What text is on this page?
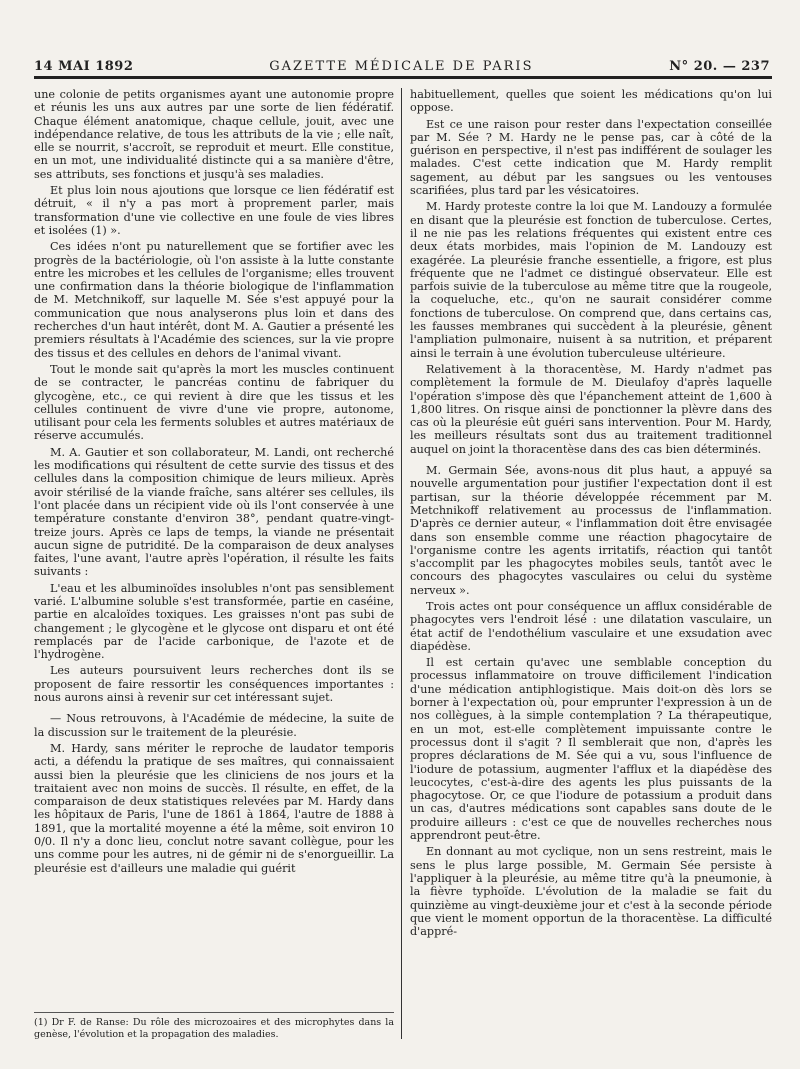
14 MAI 1892	GAZETTE MÉDICALE DE PARIS	N° 20. — 237

une colonie de petits organismes ayant une autonomie propre et réunis les uns aux autres par une sorte de lien fédératif. Chaque élément anatomique, chaque cellule, jouit, avec une indépendance relative, de tous les attributs de la vie ; elle naît, elle se nourrit, s'accroît, se reproduit et meurt. Elle constitue, en un mot, une individualité distincte qui a sa manière d'être, ses attributs, ses fonctions et jusqu'à ses maladies.

Et plus loin nous ajoutions que lorsque ce lien fédératif est détruit, « il n'y a pas mort à proprement parler, mais transformation d'une vie collective en une foule de vies libres et isolées (1) ».

Ces idées n'ont pu naturellement que se fortifier avec les progrès de la bactériologie, où l'on assiste à la lutte constante entre les microbes et les cellules de l'organisme; elles trouvent une confirmation dans la théorie biologique de l'inflammation de M. Metchnikoff, sur laquelle M. Sée s'est appuyé pour la communication que nous analyserons plus loin et dans des recherches d'un haut intérêt, dont M. A. Gautier a présenté les premiers résultats à l'Académie des sciences, sur la vie propre des tissus et des cellules en dehors de l'animal vivant.

Tout le monde sait qu'après la mort les muscles continuent de se contracter, le pancréas continu de fabriquer du glycogène, etc., ce qui revient à dire que les tissus et les cellules continuent de vivre d'une vie propre, autonome, utilisant pour cela les ferments solubles et autres matériaux de réserve accumulés.

M. A. Gautier et son collaborateur, M. Landi, ont recherché les modifications qui résultent de cette survie des tissus et des cellules dans la composition chimique de leurs milieux. Après avoir stérilisé de la viande fraîche, sans altérer ses cellules, ils l'ont placée dans un récipient vide où ils l'ont conservée à une température constante d'environ 38°, pendant quatre-vingt-treize jours. Après ce laps de temps, la viande ne présentait aucun signe de putridité. De la comparaison de deux analyses faites, l'une avant, l'autre après l'opération, il résulte les faits suivants :

L'eau et les albuminoïdes insolubles n'ont pas sensiblement varié. L'albumine soluble s'est transformée, partie en caséine, partie en alcaloïdes toxiques. Les graisses n'ont pas subi de changement ; le glycogène et le glycose ont disparu et ont été remplacés par de l'acide carbonique, de l'azote et de l'hydrogène.

Les auteurs poursuivent leurs recherches dont ils se proposent de faire ressortir les conséquences importantes : nous aurons ainsi à revenir sur cet intéressant sujet.

— Nous retrouvons, à l'Académie de médecine, la suite de la discussion sur le traitement de la pleurésie.

M. Hardy, sans mériter le reproche de laudator temporis acti, a défendu la pratique de ses maîtres, qui connaissaient aussi bien la pleurésie que les cliniciens de nos jours et la traitaient avec non moins de succès. Il résulte, en effet, de la comparaison de deux statistiques relevées par M. Hardy dans les hôpitaux de Paris, l'une de 1861 à 1864, l'autre de 1888 à 1891, que la mortalité moyenne a été la même, soit environ 10 0/0. Il n'y a donc lieu, conclut notre savant collègue, pour les uns comme pour les autres, ni de gémir ni de s'enorgueillir. La pleurésie est d'ailleurs une maladie qui guérit

(1) Dr F. de Ranse: Du rôle des microzoaires et des microphytes dans la genèse, l'évolution et la propagation des maladies.

habituellement, quelles que soient les médications qu'on lui oppose.

Est ce une raison pour rester dans l'expectation conseillée par M. Sée ? M. Hardy ne le pense pas, car à côté de la guérison en perspective, il n'est pas indifférent de soulager les malades. C'est cette indication que M. Hardy remplit sagement, au début par les sangsues ou les ventouses scarifiées, plus tard par les vésicatoires.

M. Hardy proteste contre la loi que M. Landouzy a formulée en disant que la pleurésie est fonction de tuberculose. Certes, il ne nie pas les relations fréquentes qui existent entre ces deux états morbides, mais l'opinion de M. Landouzy est exagérée. La pleurésie franche essentielle, a frigore, est plus fréquente que ne l'admet ce distingué observateur. Elle est parfois suivie de la tuberculose au même titre que la rougeole, la coqueluche, etc., qu'on ne saurait considérer comme fonctions de tuberculose. On comprend que, dans certains cas, les fausses membranes qui succèdent à la pleurésie, gênent l'ampliation pulmonaire, nuisent à sa nutrition, et préparent ainsi le terrain à une évolution tuberculeuse ultérieure.

Relativement à la thoracentèse, M. Hardy n'admet pas complètement la formule de M. Dieulafoy d'après laquelle l'opération s'impose dès que l'épanchement atteint de 1,600 à 1,800 litres. On risque ainsi de ponctionner la plèvre dans des cas où la pleurésie eût guéri sans intervention. Pour M. Hardy, les meilleurs résultats sont dus au traitement traditionnel auquel on joint la thoracentèse dans des cas bien déterminés.

M. Germain Sée, avons-nous dit plus haut, a appuyé sa nouvelle argumentation pour justifier l'expectation dont il est partisan, sur la théorie développée récemment par M. Metchnikoff relativement au processus de l'inflammation. D'après ce dernier auteur, « l'inflammation doit être envisagée dans son ensemble comme une réaction phagocytaire de l'organisme contre les agents irritatifs, réaction qui tantôt s'accomplit par les phagocytes mobiles seuls, tantôt avec le concours des phagocytes vasculaires ou celui du système nerveux ».

Trois actes ont pour conséquence un afflux considérable de phagocytes vers l'endroit lésé : une dilatation vasculaire, un état actif de l'endothélium vasculaire et une exsudation avec diapédèse.

Il est certain qu'avec une semblable conception du processus inflammatoire on trouve difficilement l'indication d'une médication antiphlogistique. Mais doit-on dès lors se borner à l'expectation où, pour emprunter l'expression à un de nos collègues, à la simple contemplation ? La thérapeutique, en un mot, est-elle complètement impuissante contre le processus dont il s'agit ? Il semblerait que non, d'après les propres déclarations de M. Sée qui a vu, sous l'influence de l'iodure de potassium, augmenter l'afflux et la diapédèse des leucocytes, c'est-à-dire des agents les plus puissants de la phagocytose. Or, ce que l'iodure de potassium a produit dans un cas, d'autres médications sont capables sans doute de le produire ailleurs : c'est ce que de nouvelles recherches nous apprendront peut-être.

En donnant au mot cyclique, non un sens restreint, mais le sens le plus large possible, M. Germain Sée persiste à l'appliquer à la pleurésie, au même titre qu'à la pneumonie, à la fièvre typhoïde. L'évolution de la maladie se fait du quinzième au vingt-deuxième jour et c'est à la seconde période que vient le moment opportun de la thoracentèse. La difficulté d'appré-
